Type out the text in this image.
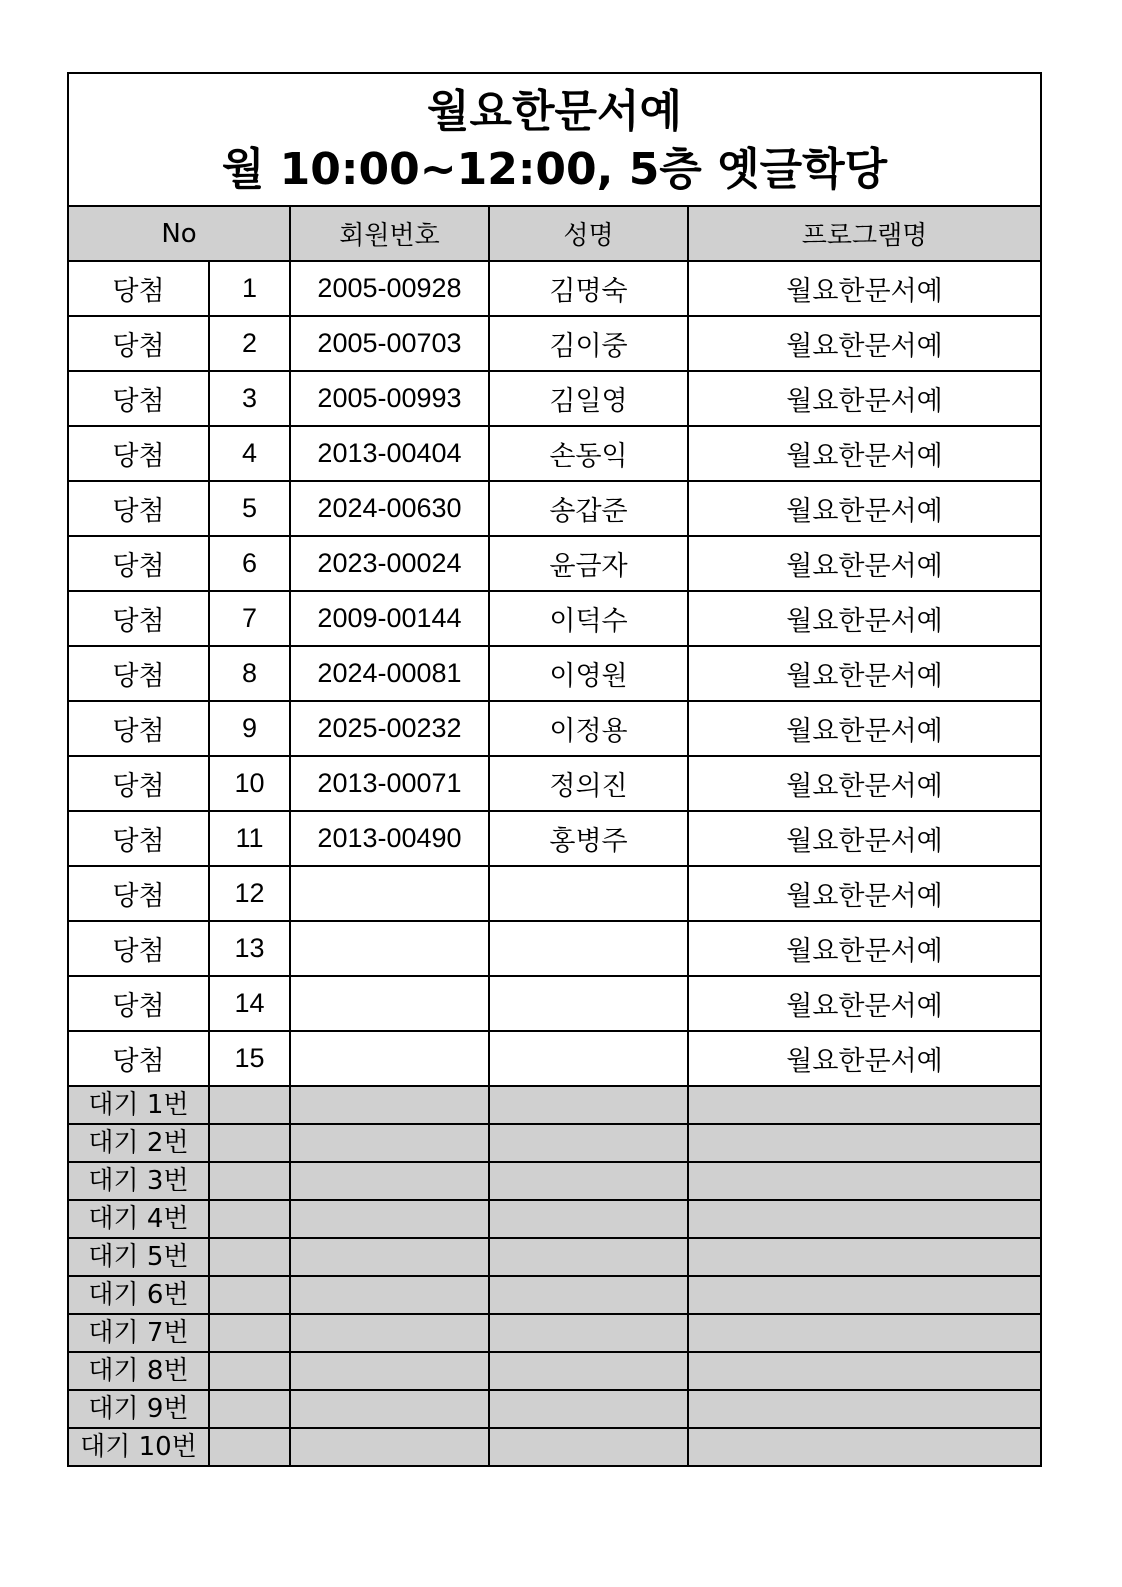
월요한문서예
월 10:00~12:00, 5층 옛글학당				

No		회원번호	성명	프로그램명
당첨	1	2005-00928	김명숙	월요한문서예
당첨	2	2005-00703	김이중	월요한문서예
당첨	3	2005-00993	김일영	월요한문서예
당첨	4	2013-00404	손동익	월요한문서예
당첨	5	2024-00630	송갑준	월요한문서예
당첨	6	2023-00024	윤금자	월요한문서예
당첨	7	2009-00144	이덕수	월요한문서예
당첨	8	2024-00081	이영원	월요한문서예
당첨	9	2025-00232	이정용	월요한문서예
당첨	10	2013-00071	정의진	월요한문서예
당첨	11	2013-00490	홍병주	월요한문서예
당첨	12			월요한문서예
당첨	13			월요한문서예
당첨	14			월요한문서예
당첨	15			월요한문서예
대기 1번				
대기 2번				
대기 3번				
대기 4번				
대기 5번				
대기 6번				
대기 7번				
대기 8번				
대기 9번				
대기 10번				
